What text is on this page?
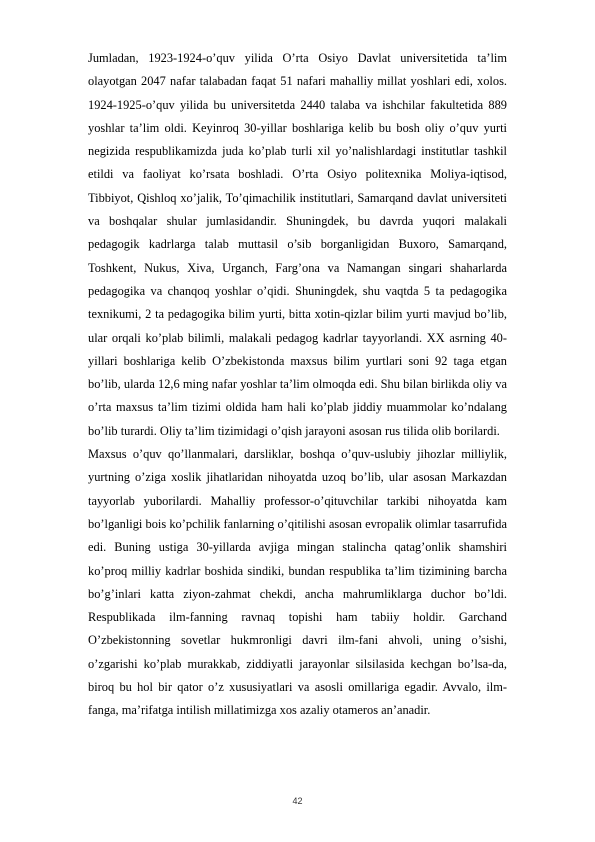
Jumladan, 1923-1924-o’quv yilida O’rta Osiyo Davlat universitetida ta’lim olayotgan 2047 nafar talabadan faqat 51 nafari mahalliy millat yoshlari edi, xolos. 1924-1925-o’quv yilida bu universitetda 2440 talaba va ishchilar fakultetida 889 yoshlar ta’lim oldi. Keyinroq 30-yillar boshlariga kelib bu bosh oliy o’quv yurti negizida respublikamizda juda ko’plab turli xil yo’nalishlardagi institutlar tashkil etildi va faoliyat ko’rsata boshladi. O’rta Osiyo politexnika Moliya-iqtisod, Tibbiyot, Qishloq xo’jalik, To’qimachilik institutlari, Samarqand davlat universiteti va boshqalar shular jumlasidandir. Shuningdek, bu davrda yuqori malakali pedagogik kadrlarga talab muttasil o’sib borganligidan Buxoro, Samarqand, Toshkent, Nukus, Xiva, Urganch, Farg’ona va Namangan singari shaharlarda pedagogika va chanqoq yoshlar o’qidi. Shuningdek, shu vaqtda 5 ta pedagogika texnikumi, 2 ta pedagogika bilim yurti, bitta xotin-qizlar bilim yurti mavjud bo’lib, ular orqali ko’plab bilimli, malakali pedagog kadrlar tayyorlandi. XX asrning 40-yillari boshlariga kelib O’zbekistonda maxsus bilim yurtlari soni 92 taga etgan bo’lib, ularda 12,6 ming nafar yoshlar ta’lim olmoqda edi. Shu bilan birlikda oliy va o’rta maxsus ta’lim tizimi oldida ham hali ko’plab jiddiy muammolar ko’ndalang bo’lib turardi. Oliy ta’lim tizimidagi o’qish jarayoni asosan rus tilida olib borilardi.

Maxsus o’quv qo’llanmalari, darsliklar, boshqa o’quv-uslubiy jihozlar milliylik, yurtning o’ziga xoslik jihatlaridan nihoyatda uzoq bo’lib, ular asosan Markazdan tayyorlab yuborilardi. Mahalliy professor-o’qituvchilar tarkibi nihoyatda kam bo’lganligi bois ko’pchilik fanlarning o’qitilishi asosan evropalik olimlar tasarrufida edi. Buning ustiga 30-yillarda avjiga mingan stalincha qatag’onlik shamshiri ko’proq milliy kadrlar boshida sindiki, bundan respublika ta’lim tizimining barcha bo’g’inlari katta ziyon-zahmat chekdi, ancha mahrumliklarga duchor bo’ldi. Respublikada ilm-fanning ravnaq topishi ham tabiiy holdir. Garchand O’zbekistonning sovetlar hukmronligi davri ilm-fani ahvoli, uning o’sishi, o’zgarishi ko’plab murakkab, ziddiyatli jarayonlar silsilasida kechgan bo’lsa-da, biroq bu hol bir qator o’z xususiyatlari va asosli omillariga egadir. Avvalo, ilm-fanga, ma’rifatga intilish millatimizga xos azaliy otameros an’anadir.

42
